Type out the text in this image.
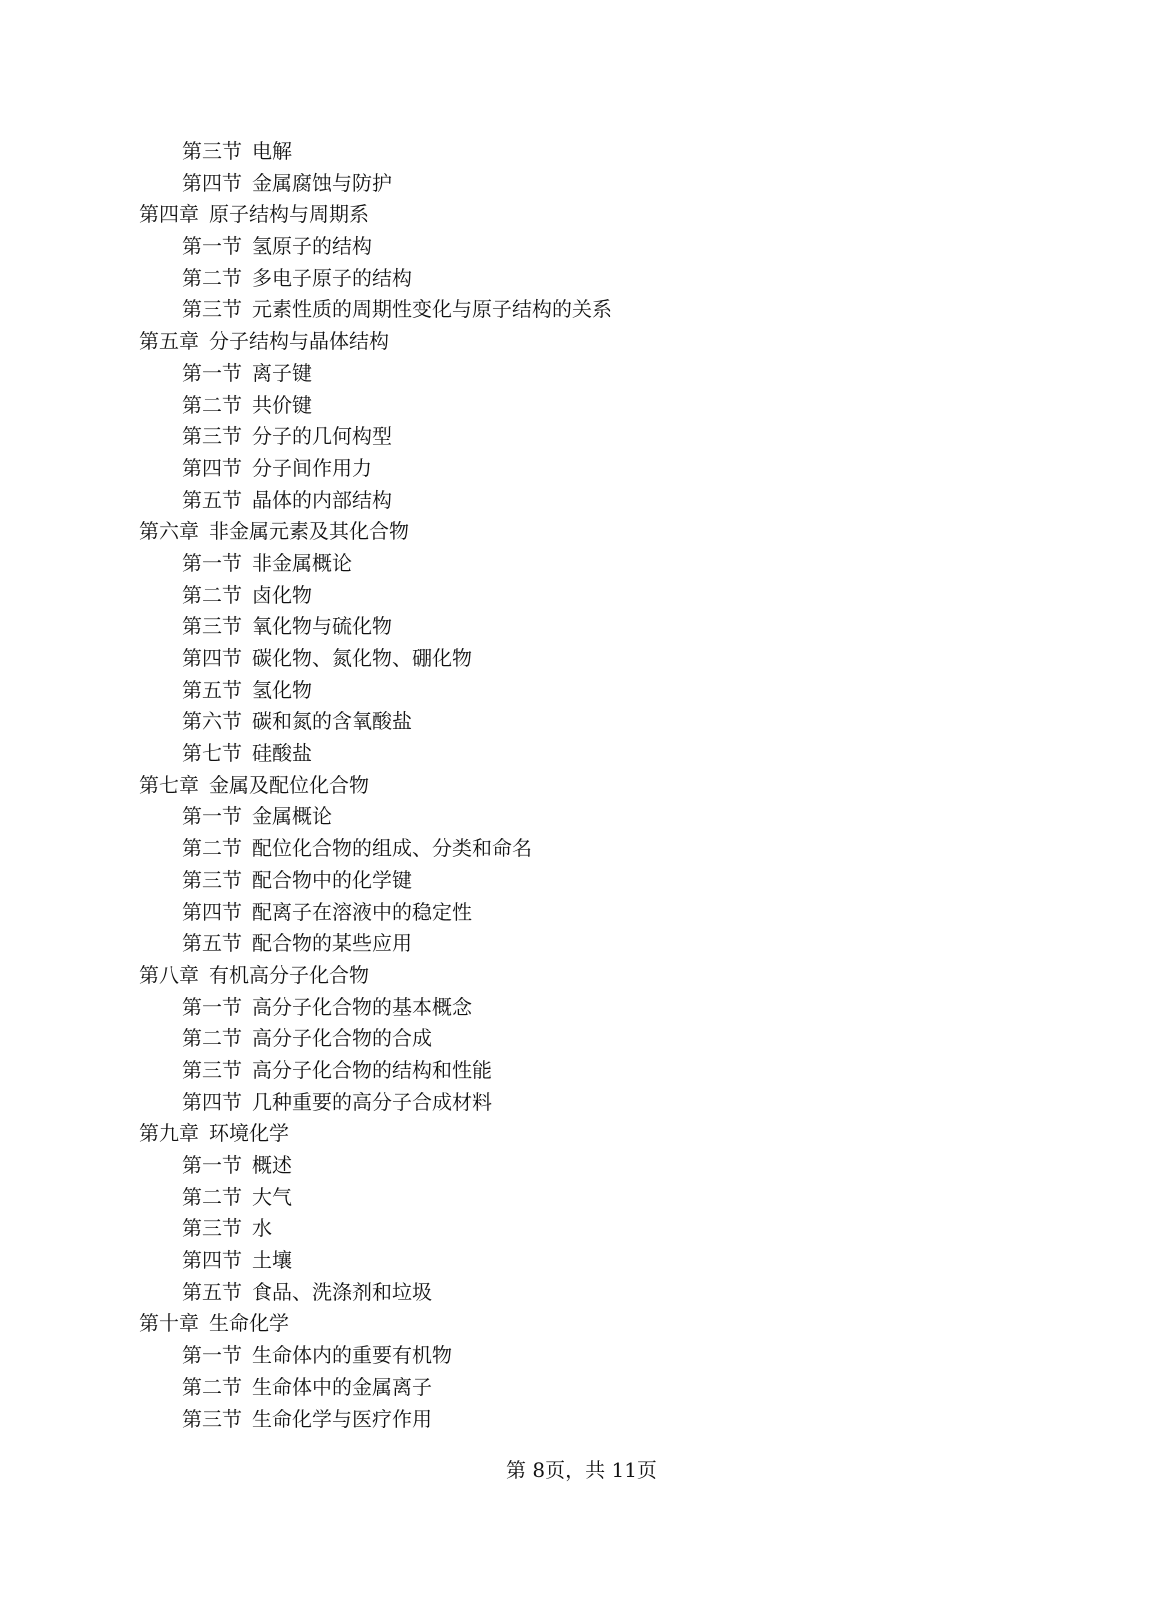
第三节 电解
第四节 金属腐蚀与防护
第四章 原子结构与周期系
第一节 氢原子的结构
第二节 多电子原子的结构
第三节 元素性质的周期性变化与原子结构的关系
第五章 分子结构与晶体结构
第一节 离子键
第二节 共价键
第三节 分子的几何构型
第四节 分子间作用力
第五节 晶体的内部结构
第六章 非金属元素及其化合物
第一节 非金属概论
第二节 卤化物
第三节 氧化物与硫化物
第四节 碳化物、氮化物、硼化物
第五节 氢化物
第六节 碳和氮的含氧酸盐
第七节 硅酸盐
第七章 金属及配位化合物
第一节 金属概论
第二节 配位化合物的组成、分类和命名
第三节 配合物中的化学键
第四节 配离子在溶液中的稳定性
第五节 配合物的某些应用
第八章 有机高分子化合物
第一节 高分子化合物的基本概念
第二节 高分子化合物的合成
第三节 高分子化合物的结构和性能
第四节 几种重要的高分子合成材料
第九章 环境化学
第一节 概述
第二节 大气
第三节 水
第四节 土壤
第五节 食品、洗涤剂和垃圾
第十章 生命化学
第一节 生命体内的重要有机物
第二节 生命体中的金属离子
第三节 生命化学与医疗作用
第 8页，共 11页
